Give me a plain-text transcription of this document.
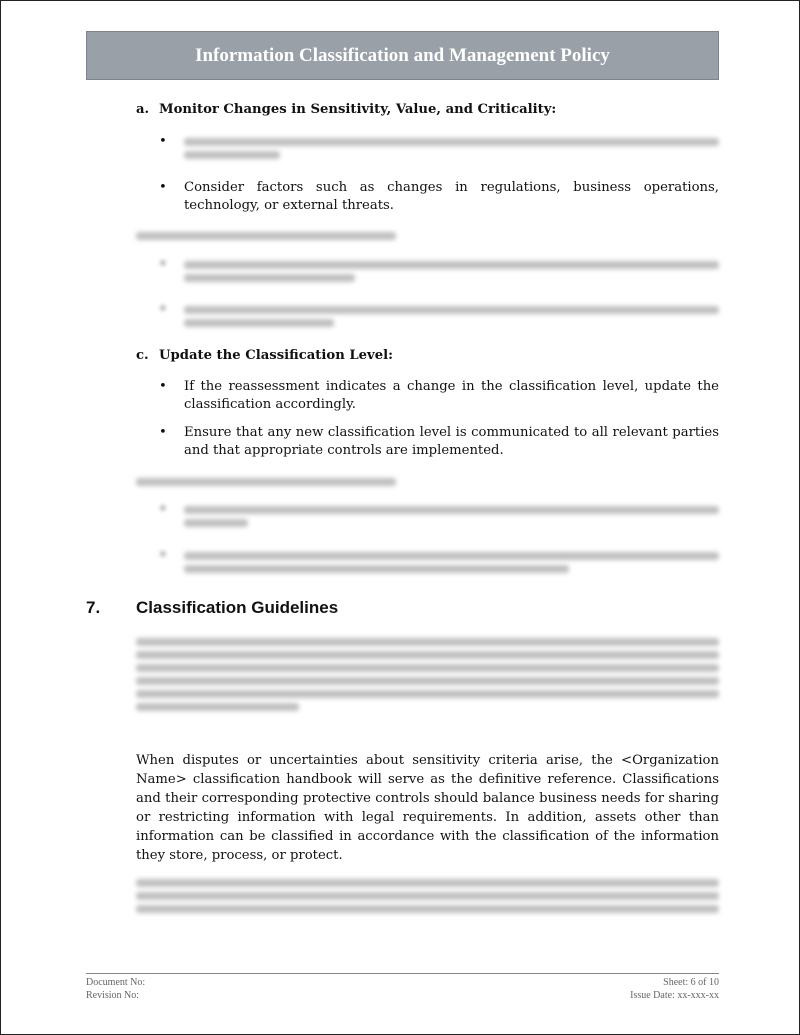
Information Classification and Management Policy
a. Monitor Changes in Sensitivity, Value, and Criticality:
•
• Consider factors such as changes in regulations, business operations, technology, or external threats.
•
•
c. Update the Classification Level:
• If the reassessment indicates a change in the classification level, update the classification accordingly.
• Ensure that any new classification level is communicated to all relevant parties and that appropriate controls are implemented.
•
•
7. Classification Guidelines
When disputes or uncertainties about sensitivity criteria arise, the <Organization Name> classification handbook will serve as the definitive reference. Classifications and their corresponding protective controls should balance business needs for sharing or restricting information with legal requirements. In addition, assets other than information can be classified in accordance with the classification of the information they store, process, or protect.
Document No:
Revision No:
Sheet: 6 of 10
Issue Date: xx-xxx-xx
